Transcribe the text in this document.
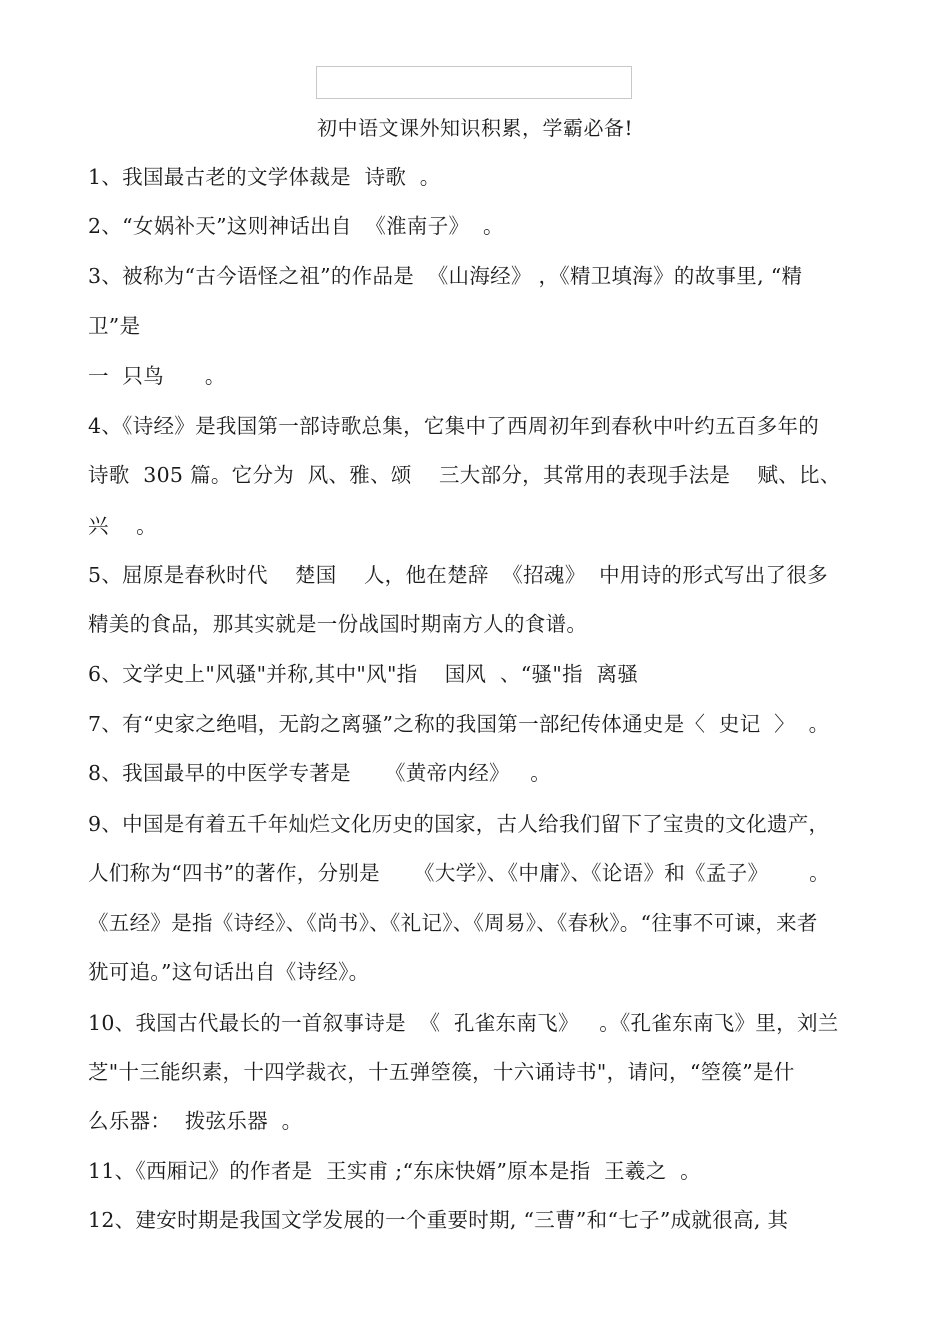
初中语文课外知识积累，学霸必备!
1、我国最古老的文学体裁是  诗歌  。
2、“女娲补天”这则神话出自  《淮南子》  。
3、被称为“古今语怪之祖”的作品是  《山海经》 ，《精卫填海》的故事里, “精
卫”是
一  只鸟      。
4、《诗经》是我国第一部诗歌总集，它集中了西周初年到春秋中叶约五百多年的
诗歌  305 篇。它分为  风、雅、颂    三大部分，其常用的表现手法是    赋、比、
兴    。
5、屈原是春秋时代    楚国    人，他在楚辞  《招魂》  中用诗的形式写出了很多
精美的食品，那其实就是一份战国时期南方人的食谱。
6、文学史上"风骚"并称,其中"风"指    国风  、“骚"指  离骚
7、有“史家之绝唱，无韵之离骚”之称的我国第一部纪传体通史是〈  史记  〉  。
8、我国最早的中医学专著是     《黄帝内经》   。
9、中国是有着五千年灿烂文化历史的国家，古人给我们留下了宝贵的文化遗产，
人们称为“四书”的著作，分别是     《大学》、《中庸》、《论语》和《孟子》      。
《五经》是指《诗经》、《尚书》、《礼记》、《周易》、《春秋》。“往事不可谏，来者
犹可追。”这句话出自《诗经》。
10、我国古代最长的一首叙事诗是  《  孔雀东南飞》   。《孔雀东南飞》里，刘兰
芝"十三能织素，十四学裁衣，十五弹箜篌，十六诵诗书"，请问，“箜篌”是什
么乐器：  拨弦乐器  。
11、《西厢记》的作者是  王实甫 ;“东床快婿”原本是指  王羲之  。
12、建安时期是我国文学发展的一个重要时期, “三曹”和“七子”成就很高, 其
